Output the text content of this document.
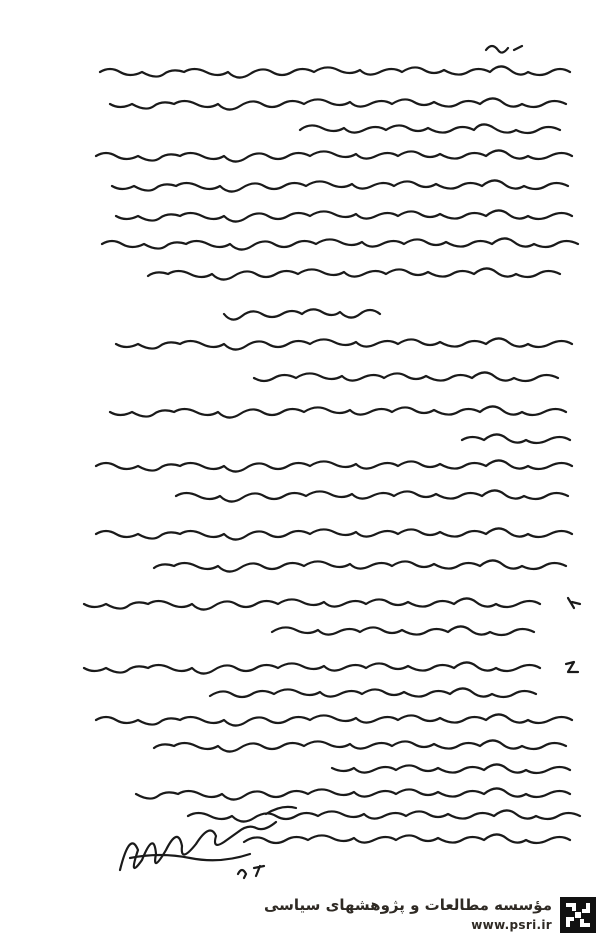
مؤسسه مطالعات و پژوهشهای سیاسی
www.psri.ir
